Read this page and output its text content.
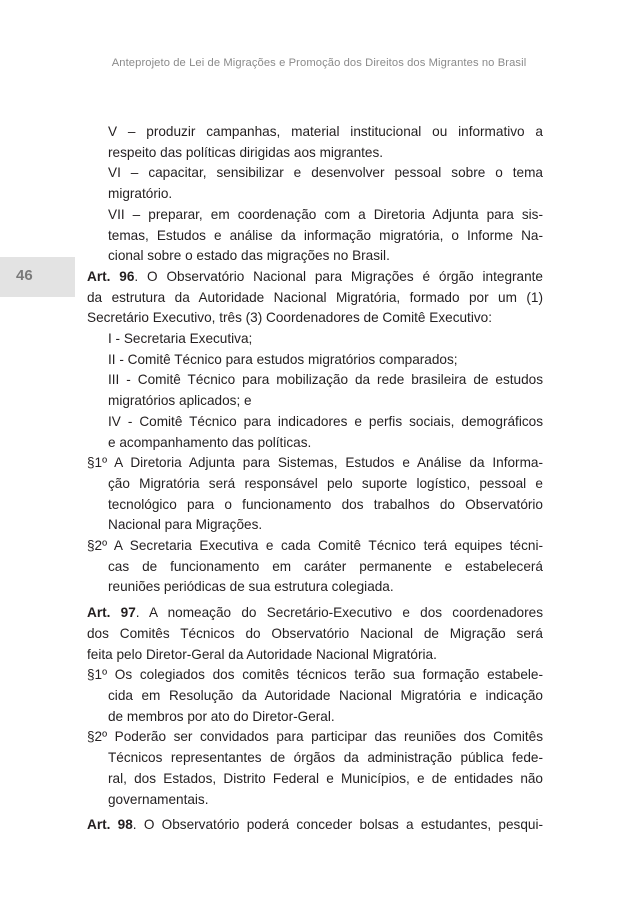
Anteprojeto de Lei de Migrações e Promoção dos Direitos dos Migrantes no Brasil
46

V – produzir campanhas, material institucional ou informativo a

respeito das políticas dirigidas aos migrantes.

VI – capacitar, sensibilizar e desenvolver pessoal sobre o tema

migratório.

VII – preparar, em coordenação com a Diretoria Adjunta para sis-

temas, Estudos e análise da informação migratória, o Informe Na-

cional sobre o estado das migrações no Brasil.

Art. 96. O Observatório Nacional para Migrações é órgão integrante

da estrutura da Autoridade Nacional Migratória, formado por um (1)

Secretário Executivo, três (3) Coordenadores de Comitê Executivo:

I - Secretaria Executiva;

II - Comitê Técnico para estudos migratórios comparados;

III - Comitê Técnico para mobilização da rede brasileira de estudos

migratórios aplicados; e

IV - Comitê Técnico para indicadores e perfis sociais, demográficos

e acompanhamento das políticas.

§1º A Diretoria Adjunta para Sistemas, Estudos e Análise da Informa-

ção Migratória será responsável pelo suporte logístico, pessoal e

tecnológico para o funcionamento dos trabalhos do Observatório

Nacional para Migrações.

§2º A Secretaria Executiva e cada Comitê Técnico terá equipes técni-

cas de funcionamento em caráter permanente e estabelecerá

reuniões periódicas de sua estrutura colegiada.

Art. 97. A nomeação do Secretário-Executivo e dos coordenadores

dos Comitês Técnicos do Observatório Nacional de Migração será

feita pelo Diretor-Geral da Autoridade Nacional Migratória.

§1º Os colegiados dos comitês técnicos terão sua formação estabele-

cida em Resolução da Autoridade Nacional Migratória e indicação

de membros por ato do Diretor-Geral.

§2º Poderão ser convidados para participar das reuniões dos Comitês

Técnicos representantes de órgãos da administração pública fede-

ral, dos Estados, Distrito Federal e Municípios, e de entidades não

governamentais.

Art. 98. O Observatório poderá conceder bolsas a estudantes, pesqui-
